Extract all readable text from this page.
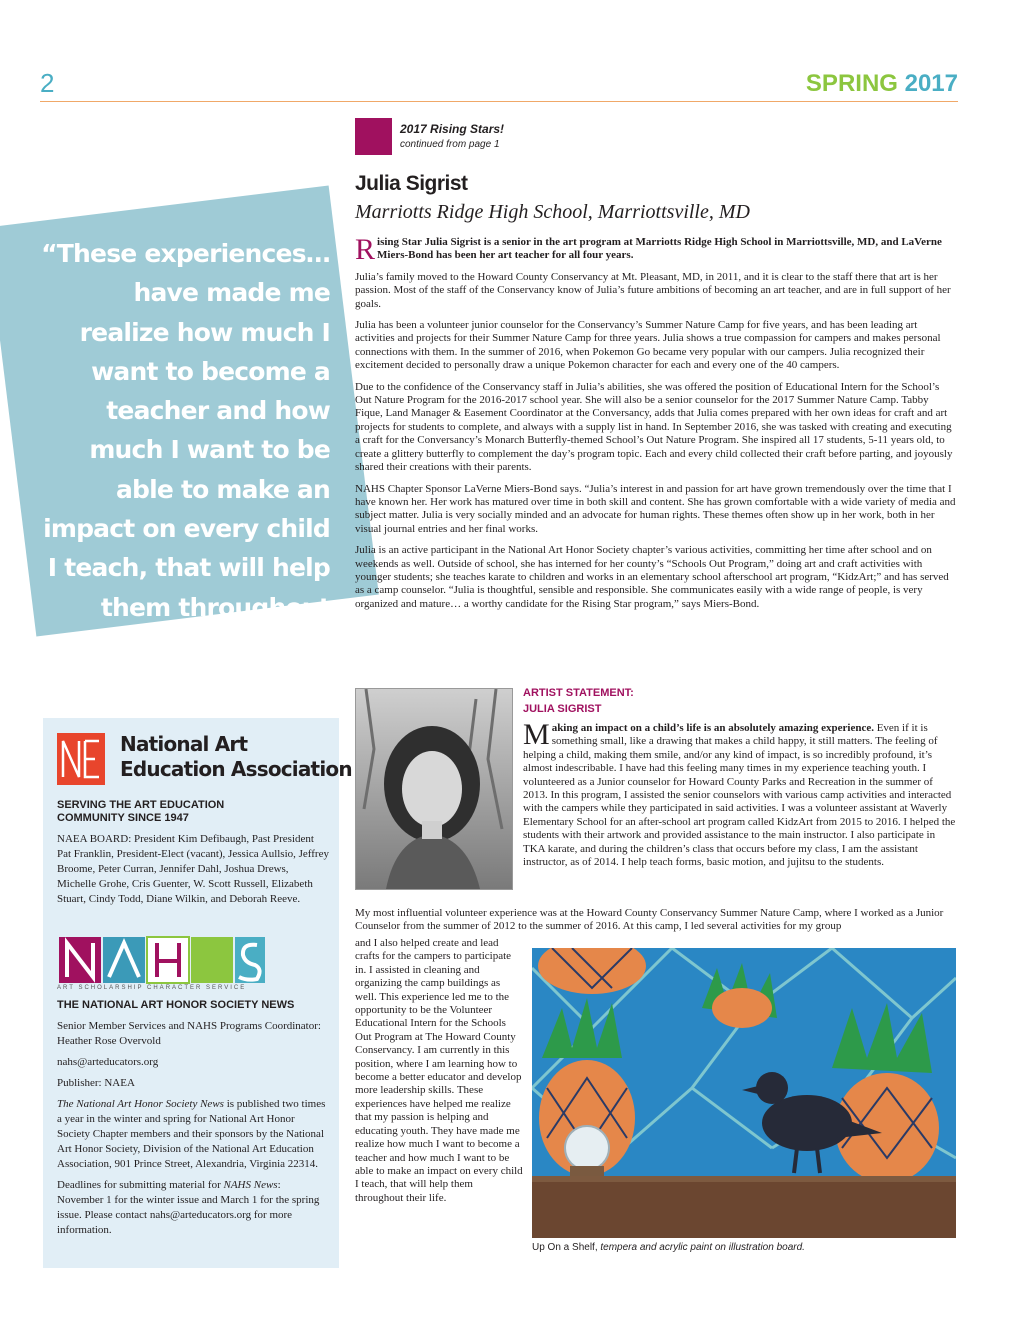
2	SPRING 2017
2017 Rising Stars!
continued from page 1
Julia Sigrist
Marriotts Ridge High School, Marriottsville, MD
“These experiences… have made me realize how much I want to become a teacher and how much I want to be able to make an impact on every child I teach, that will help them throughout their life.”

Rising Star Julia Sigrist is a senior in the art program at Marriotts Ridge High School in Marriottsville, MD, and LaVerne Miers-Bond has been her art teacher for all four years.

Julia’s family moved to the Howard County Conservancy at Mt. Pleasant, MD, in 2011, and it is clear to the staff there that art is her passion. Most of the staff of the Conservancy know of Julia’s future ambitions of becoming an art teacher, and are in full support of her goals.

Julia has been a volunteer junior counselor for the Conservancy’s Summer Nature Camp for five years, and has been leading art activities and projects for their Summer Nature Camp for three years. Julia shows a true compassion for campers and makes personal connections with them. In the summer of 2016, when Pokemon Go became very popular with our campers. Julia recognized their excitement decided to personally draw a unique Pokemon character for each and every one of the 40 campers.

Due to the confidence of the Conservancy staff in Julia’s abilities, she was offered the position of Educational Intern for the School’s Out Nature Program for the 2016-2017 school year. She will also be a senior counselor for the 2017 Summer Nature Camp. Tabby Fique, Land Manager & Easement Coordinator at the Conversancy, adds that Julia comes prepared with her own ideas for craft and art projects for students to complete, and always with a supply list in hand. In September 2016, she was tasked with creating and executing a craft for the Conversancy’s Monarch Butterfly-themed School’s Out Nature Program. She inspired all 17 students, 5-11 years old, to create a glittery butterfly to complement the day’s program topic. Each and every child collected their craft before parting, and joyously shared their creations with their parents.

NAHS Chapter Sponsor LaVerne Miers-Bond says. “Julia’s interest in and passion for art have grown tremendously over the time that I have known her. Her work has matured over time in both skill and content. She has grown comfortable with a wide variety of media and subject matter. Julia is very socially minded and an advocate for human rights. These themes often show up in her work, both in her visual journal entries and her final works.

Julia is an active participant in the National Art Honor Society chapter’s various activities, committing her time after school and on weekends as well. Outside of school, she has interned for her county’s “Schools Out Program,” doing art and craft activities with younger students; she teaches karate to children and works in an elementary school afterschool art program, “KidzArt;” and has served as a camp counselor. “Julia is thoughtful, sensible and responsible. She communicates easily with a wide range of people, is very organized and mature… a worthy candidate for the Rising Star program,” says Miers-Bond.

ARTIST STATEMENT:
JULIA SIGRIST
Making an impact on a child’s life is an absolutely amazing experience. Even if it is something small, like a drawing that makes a child happy, it still matters. The feeling of helping a child, making them smile, and/or any kind of impact, is so incredibly profound, it’s almost indescribable. I have had this feeling many times in my experience teaching youth. I volunteered as a Junior counselor for Howard County Parks and Recreation in the summer of 2013. In this program, I assisted the senior counselors with various camp activities and interacted with the campers while they participated in said activities. I was a volunteer assistant at Waverly Elementary School for an after-school art program called KidzArt from 2015 to 2016. I helped the students with their artwork and provided assistance to the main instructor. I also participate in TKA karate, and during the children’s class that occurs before my class, I am the assistant instructor, as of 2014. I help teach forms, basic motion, and jujitsu to the students.
My most influential volunteer experience was at the Howard County Conservancy Summer Nature Camp, where I worked as a Junior Counselor from the summer of 2012 to the summer of 2016. At this camp, I led several activities for my group
and I also helped create and lead crafts for the campers to participate in. I assisted in cleaning and organizing the camp buildings as well. This experience led me to the opportunity to be the Volunteer Educational Intern for the Schools Out Program at The Howard County Conservancy. I am currently in this position, where I am learning how to become a better educator and develop more leadership skills. These experiences have helped me realize that my passion is helping and educating youth. They have made me realize how much I want to become a teacher and how much I want to be able to make an impact on every child I teach, that will help them throughout their life.
Up On a Shelf, tempera and acrylic paint on illustration board.
National Art
Education Association
SERVING THE ART EDUCATION
COMMUNITY SINCE 1947
NAEA BOARD: President Kim Defibaugh, Past President Pat Franklin, President-Elect (vacant), Jessica Aullsio, Jeffrey Broome, Peter Curran, Jennifer Dahl, Joshua Drews, Michelle Grohe, Cris Guenter, W. Scott Russell, Elizabeth Stuart, Cindy Todd, Diane Wilkin, and Deborah Reeve.
ART SCHOLARSHIP CHARACTER SERVICE
THE NATIONAL ART HONOR SOCIETY NEWS

Senior Member Services and NAHS Programs Coordinator: Heather Rose Overvold

nahs@arteducators.org

Publisher: NAEA

The National Art Honor Society News is published two times a year in the winter and spring for National Art Honor Society Chapter members and their sponsors by the National Art Honor Society, Division of the National Art Education Association, 901 Prince Street, Alexandria, Virginia 22314.

Deadlines for submitting material for NAHS News: November 1 for the winter issue and March 1 for the spring issue. Please contact nahs@arteducators.org for more information.
